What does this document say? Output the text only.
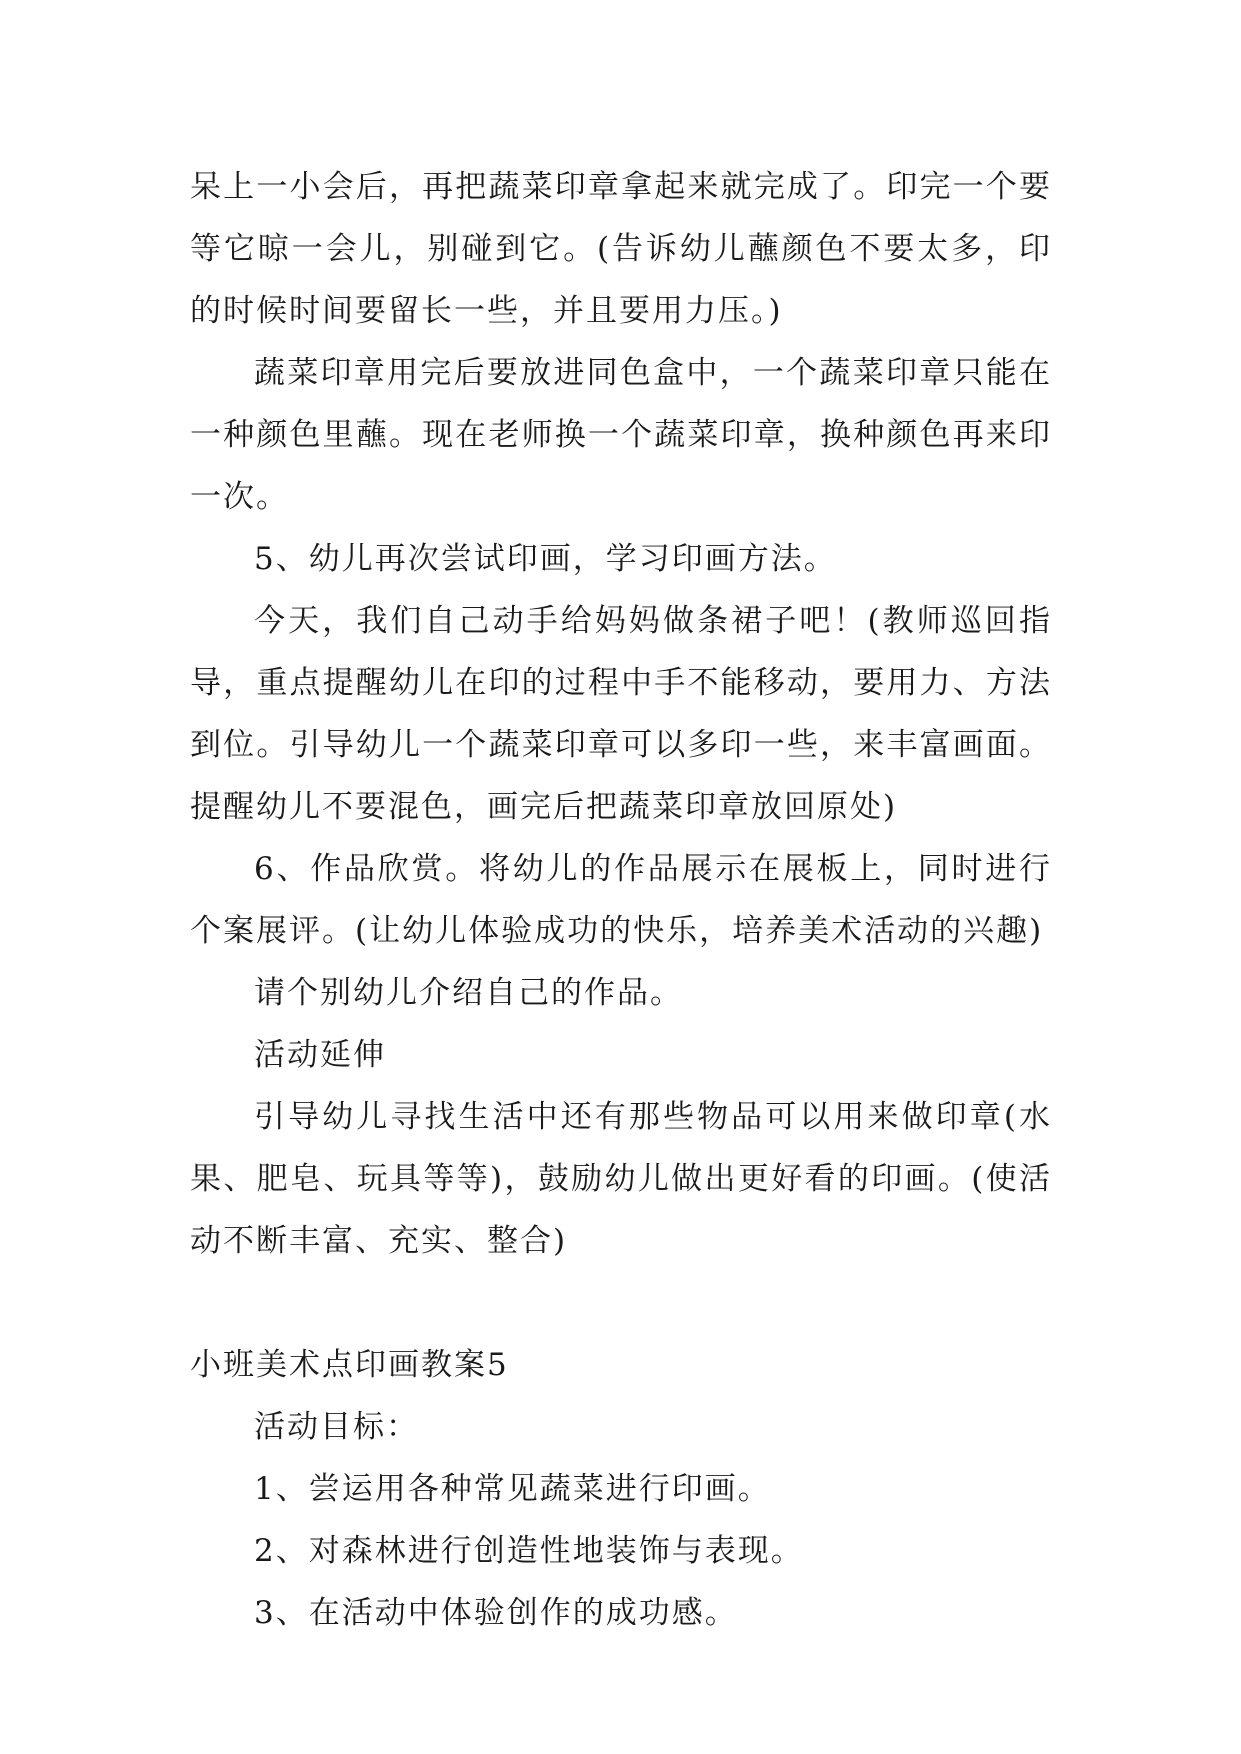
呆上一小会后，再把蔬菜印章拿起来就完成了。印完一个要等它晾一会儿，别碰到它。(告诉幼儿蘸颜色不要太多，印的时候时间要留长一些，并且要用力压。)

蔬菜印章用完后要放进同色盒中，一个蔬菜印章只能在一种颜色里蘸。现在老师换一个蔬菜印章，换种颜色再来印一次。

5、幼儿再次尝试印画，学习印画方法。

今天，我们自己动手给妈妈做条裙子吧！(教师巡回指导，重点提醒幼儿在印的过程中手不能移动，要用力、方法到位。引导幼儿一个蔬菜印章可以多印一些，来丰富画面。提醒幼儿不要混色，画完后把蔬菜印章放回原处)

6、作品欣赏。将幼儿的作品展示在展板上，同时进行个案展评。(让幼儿体验成功的快乐，培养美术活动的兴趣)

请个别幼儿介绍自己的作品。

活动延伸

引导幼儿寻找生活中还有那些物品可以用来做印章(水果、肥皂、玩具等等)，鼓励幼儿做出更好看的印画。(使活动不断丰富、充实、整合)

小班美术点印画教案5

活动目标：

1、尝运用各种常见蔬菜进行印画。

2、对森林进行创造性地装饰与表现。

3、在活动中体验创作的成功感。
